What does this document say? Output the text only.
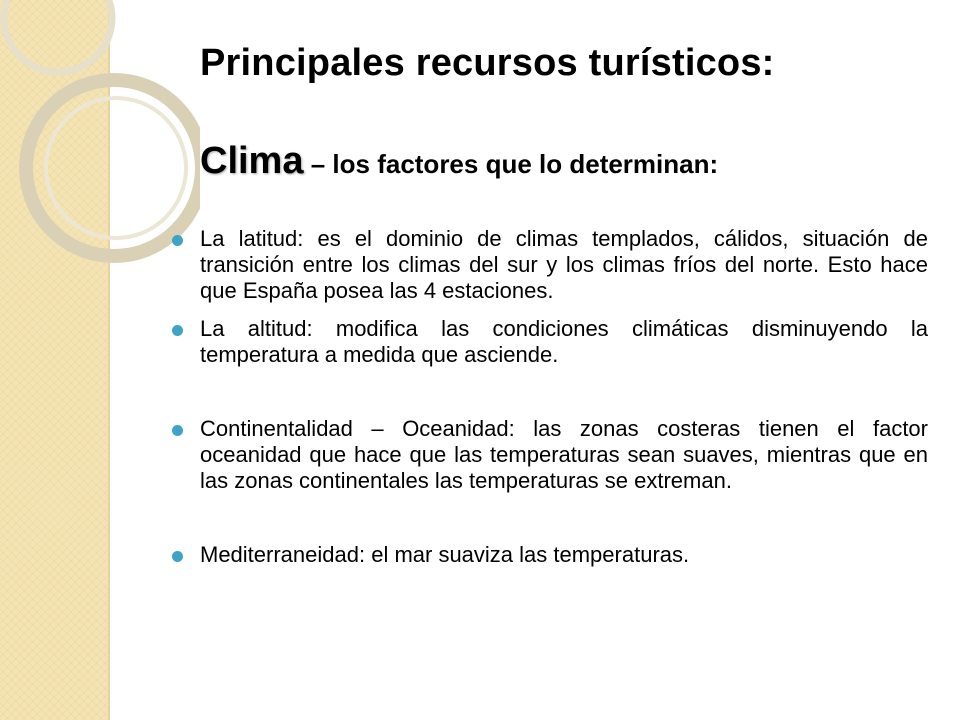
Principales recursos turísticos:
Clima – los factores que lo determinan:
La latitud: es el dominio de climas templados, cálidos, situación de transición entre los climas del sur y los climas fríos del norte. Esto hace que España posea las 4 estaciones.
La altitud: modifica las condiciones climáticas disminuyendo la temperatura a medida que asciende.
Continentalidad – Oceanidad: las zonas costeras tienen el factor oceanidad que hace que las temperaturas sean suaves, mientras que en las zonas continentales las temperaturas se extreman.
Mediterraneidad: el mar suaviza las temperaturas.
